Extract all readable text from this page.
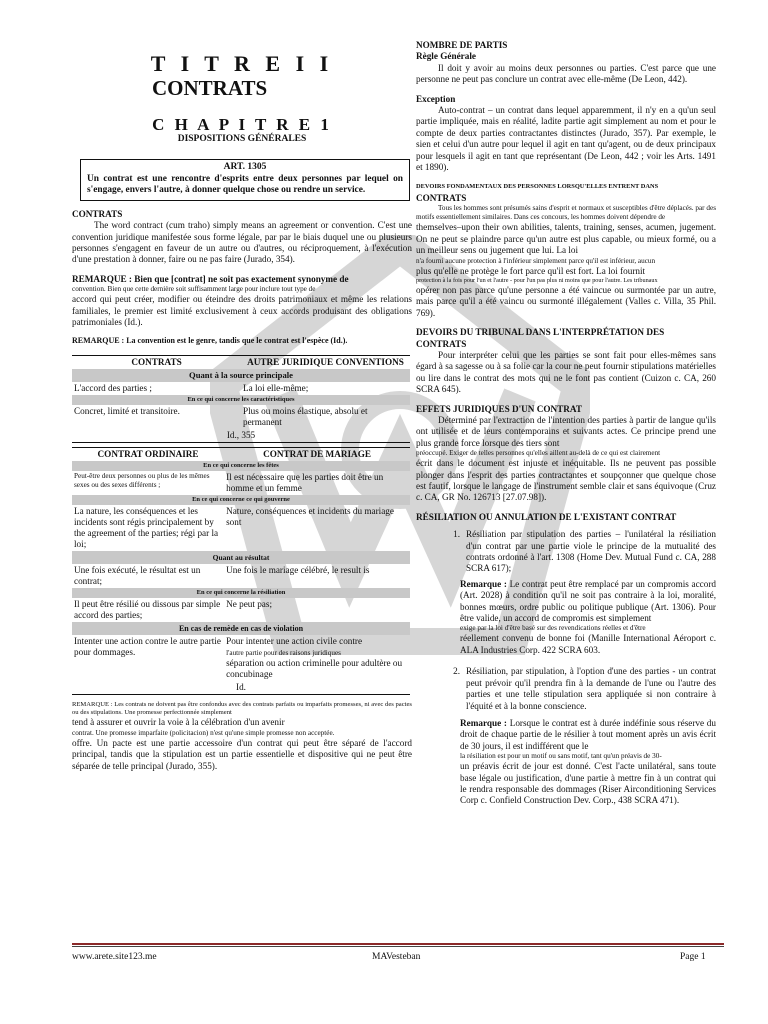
T I T R E I I
CONTRATS
C H A P I T R E 1
DISPOSITIONS GÉNÉRALES
ART. 1305
Un contrat est une rencontre d'esprits entre deux personnes par lequel on s'engage, envers l'autre, à donner quelque chose ou rendre un service.
CONTRATS

The word contract (cum traho) simply means an agreement or convention. C'est une convention juridique manifestée sous forme légale, par par le biais duquel une ou plusieurs personnes s'engagent en faveur de un autre ou d'autres, ou réciproquement, à l'exécution d'une prestation à donner, faire ou ne pas faire (Jurado, 354).

REMARQUE : Bien que [contrat] ne soit pas exactement synonyme de

convention. Bien que cette dernière soit suffisamment large pour inclure tout type de

accord qui peut créer, modifier ou éteindre des droits patrimoniaux et même les relations familiales, le premier est limité exclusivement à ceux accords produisant des obligations patrimoniales (Id.).

REMARQUE : La convention est le genre, tandis que le contrat est l'espèce (Id.).

CONTRATS	AUTRE JURIDIQUE CONVENTIONS
Quant à la source principale	
L'accord des parties ;	La loi elle-même;
En ce qui concerne les caractéristiques	
Concret, limité et transitoire.	Plus ou moins élastique, absolu et permanent
Id., 355	
CONTRAT ORDINAIRE	CONTRAT DE MARIAGE
En ce qui concerne les fêtes	
Peut-être deux personnes ou plus de les mêmes sexes ou des sexes différents ;	Il est nécessaire que les parties doit être un homme et un femme
En ce qui concerne ce qui gouverne	
La nature, les conséquences et les incidents sont régis principalement by the agreement of the parties; régi par la loi;	Nature, conséquences et incidents du mariage sont
Quant au résultat	
Une fois exécuté, le résultat est un contrat;	Une fois le mariage célébré, le result is
En ce qui concerne la résiliation	
Il peut être résilié ou dissous par simple accord des parties;	Ne peut pas;
En cas de remède en cas de violation	
Intenter une action contre le autre partie pour dommages.	Pour intenter une action civile contre
l'autre partie pour des raisons juridiques
séparation ou action criminelle pour adultère ou concubinage
Id.	

REMARQUE : Les contrats ne doivent pas être confondus avec des contrats parfaits ou imparfaits promesses, ni avec des pactes ou des stipulations. Une promesse perfectionnée simplement

tend à assurer et ouvrir la voie à la célébration d'un avenir

contrat. Une promesse imparfaite (policitacion) n'est qu'une simple promesse non acceptée.

offre. Un pacte est une partie accessoire d'un contrat qui peut être séparé de l'accord principal, tandis que la stipulation est un partie essentielle et dispositive qui ne peut être séparée de telle principal (Jurado, 355).

NOMBRE DE PARTIS
Règle Générale

Il doit y avoir au moins deux personnes ou parties. C'est parce que une personne ne peut pas conclure un contrat avec elle-même (De Leon, 442).

Exception

Auto-contrat – un contrat dans lequel apparemment, il n'y en a qu'un seul partie impliquée, mais en réalité, ladite partie agit simplement au nom et pour le compte de deux parties contractantes distinctes (Jurado, 357). Par exemple, le sien et celui d'un autre pour lequel il agit en tant qu'agent, ou de deux principaux pour lesquels il agit en tant que représentant (De Leon, 442 ; voir les Arts. 1491 et 1890).

DEVOIRS FONDAMENTAUX DES PERSONNES LORSQU'ELLES ENTRENT DANS

CONTRATS

Tous les hommes sont présumés sains d'esprit et normaux et susceptibles d'être déplacés. par des motifs essentiellement similaires. Dans ces concours, les hommes doivent dépendre de

themselves–upon their own abilities, talents, training, senses, acumen, jugement. On ne peut se plaindre parce qu'un autre est plus capable, ou mieux formé, ou a un meilleur sens ou jugement que lui. La loi

n'a fourni aucune protection à l'inférieur simplement parce qu'il est inférieur, aucun

plus qu'elle ne protège le fort parce qu'il est fort. La loi fournit

protection à la fois pour l'un et l'autre - pour l'un pas plus ni moins que pour l'autre. Les tribunaux

opérer non pas parce qu'une personne a été vaincue ou surmontée par un autre, mais parce qu'il a été vaincu ou surmonté illégalement (Valles c. Villa, 35 Phil. 769).

DEVOIRS DU TRIBUNAL DANS L'INTERPRÉTATION DES CONTRATS

Pour interpréter celui que les parties se sont fait pour elles-mêmes sans égard à sa sagesse ou à sa folie car la cour ne peut fournir stipulations matérielles ou lire dans le contrat des mots qui ne le font pas contient (Cuizon c. CA, 260 SCRA 645).

EFFETS JURIDIQUES D'UN CONTRAT

Déterminé par l'extraction de l'intention des parties à partir de langue qu'ils ont utilisée et de leurs contemporains et suivants actes. Ce principe prend une plus grande force lorsque des tiers sont

préoccupé. Exiger de telles personnes qu'elles aillent au-delà de ce qui est clairement

écrit dans le document est injuste et inéquitable. Ils ne peuvent pas possible plonger dans l'esprit des parties contractantes et soupçonner que quelque chose est fautif, lorsque le langage de l'instrument semble clair et sans équivoque (Cruz c. CA, GR No. 126713 [27.07.98]).

RÉSILIATION OU ANNULATION DE L'EXISTANT CONTRAT
1. Résiliation par stipulation des parties – l'unilatéral la résiliation d'un contrat par une partie viole le principe de la mutualité des contrats ordonné à l'art. 1308 (Home Dev. Mutual Fund c. CA, 288 SCRA 617);

Remarque : Le contrat peut être remplacé par un compromis accord (Art. 2028) à condition qu'il ne soit pas contraire à la loi, moralité, bonnes mœurs, ordre public ou politique publique (Art. 1306). Pour être valide, un accord de compromis est simplement

exige par la loi d'être basé sur des revendications réelles et d'être

réellement convenu de bonne foi (Manille International Aéroport c. ALA Industries Corp. 422 SCRA 603.

2. Résiliation, par stipulation, à l'option d'une des parties - un contrat peut prévoir qu'il prendra fin à la demande de l'une ou l'autre des parties et une telle stipulation sera appliquée si non contraire à l'équité et à la bonne conscience.

Remarque : Lorsque le contrat est à durée indéfinie sous réserve du droit de chaque partie de le résilier à tout moment après un avis écrit de 30 jours, il est indifférent que le

la résiliation est pour un motif ou sans motif, tant qu'un préavis de 30-

un préavis écrit de jour est donné. C'est l'acte unilatéral, sans toute base légale ou justification, d'une partie à mettre fin à un contrat qui le rendra responsable des dommages (Riser Airconditioning Services Corp c. Confield Construction Dev. Corp., 438 SCRA 471).

www.arete.site123.me	MAVesteban	Page 1
